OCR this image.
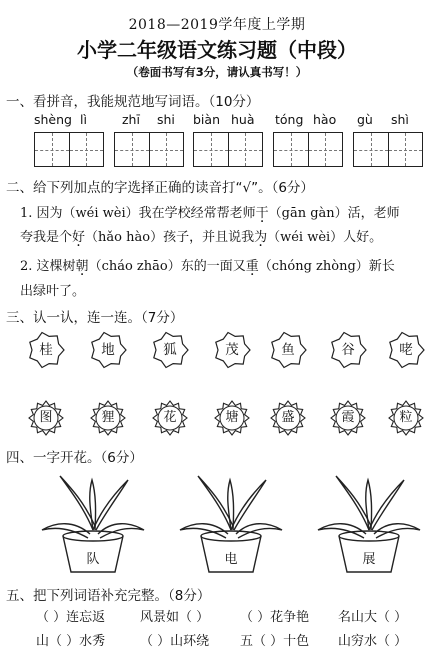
2018—2019学年度上学期
小学二年级语文练习题（中段）
（卷面书写有3分，请认真书写！）
一、看拼音，我能规范地写词语。（10分）
shèng lì	zhī shi biàn huà tóng hào gù shì
二、给下列加点的字选择正确的读音打“√”。（6分）
1. 因为（wéi wèi）我在学校经常帮老师干（gān gàn）活，老师
夸我是个好（hǎo hào）孩子，并且说我为（wéi wèi）人好。
2. 这棵树朝（cháo zhāo）东的一面又重（chóng zhòng）新长
出绿叶了。
三、认一认，连一连。（7分）
桂	地	狐	茂	鱼	谷	咾
图	狸	花	塘	盛	霞	粒
四、一字开花。（6分）
队	电	展
五、把下列词语补充完整。（8分）
（ ）连忘返	风景如（ ） （ ）花争艳 名山大（ ）
山（ ）水秀	（ ）山环绕 五（ ）十色 山穷水（ ）
